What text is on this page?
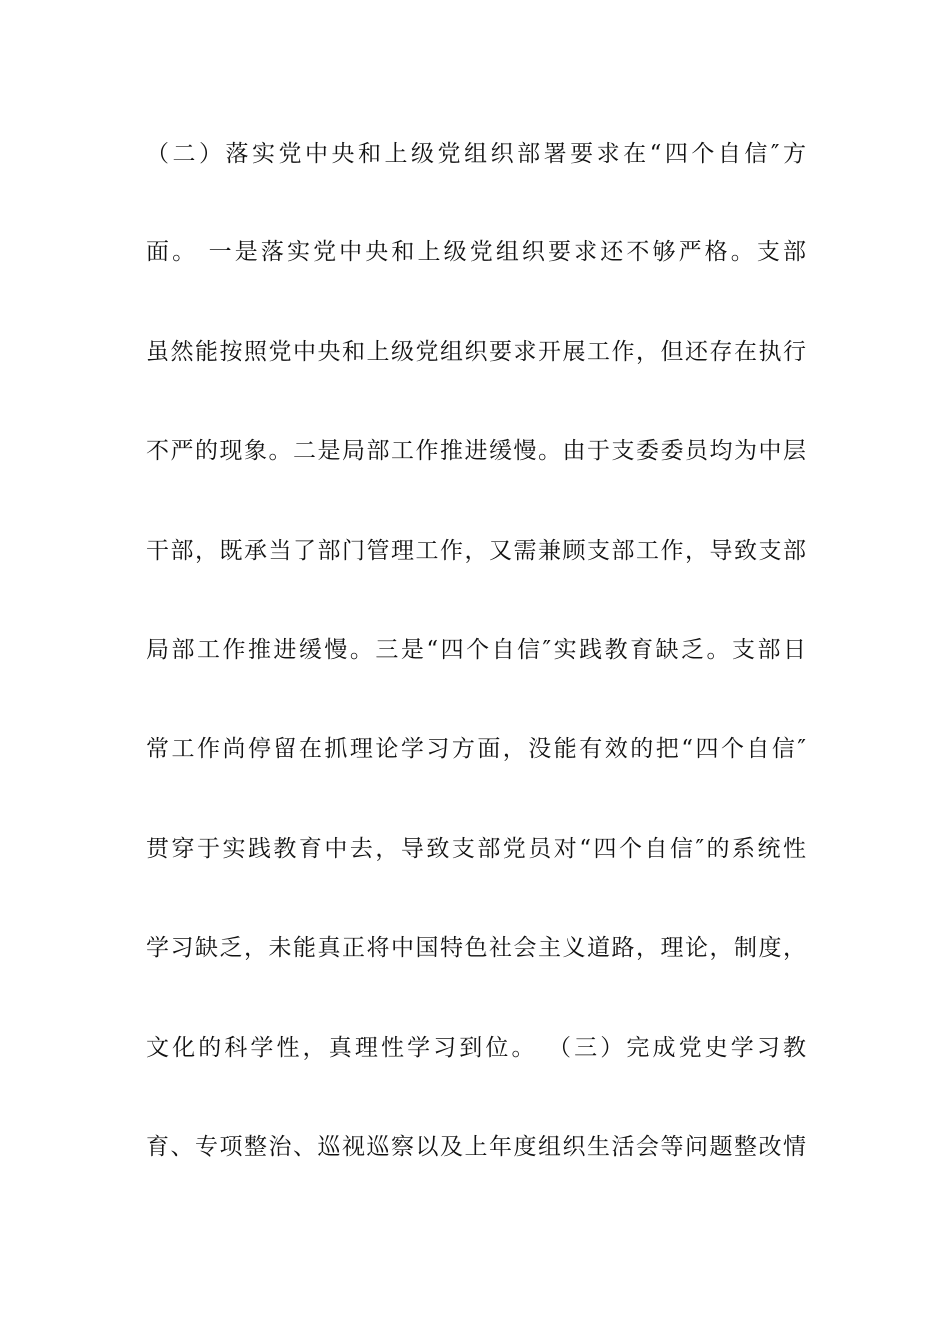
（二）落实党中央和上级党组织部署要求在“四个自信″方
面。 一是落实党中央和上级党组织要求还不够严格。支部
虽然能按照党中央和上级党组织要求开展工作，但还存在执行
不严的现象。二是局部工作推进缓慢。由于支委委员均为中层
干部，既承当了部门管理工作，又需兼顾支部工作，导致支部
局部工作推进缓慢。三是“四个自信″实践教育缺乏。支部日
常工作尚停留在抓理论学习方面，没能有效的把“四个自信″
贯穿于实践教育中去，导致支部党员对“四个自信″的系统性
学习缺乏，未能真正将中国特色社会主义道路，理论，制度，
文化的科学性，真理性学习到位。 （三）完成党史学习教
育、专项整治、巡视巡察以及上年度组织生活会等问题整改情
